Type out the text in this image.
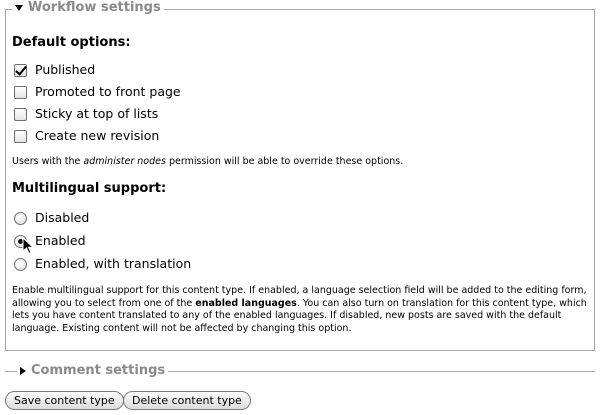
Workflow settings
Default options:
Published
Promoted to front page
Sticky at top of lists
Create new revision
Users with the administer nodes permission will be able to override these options.
Multilingual support:
Disabled
Enabled
Enabled, with translation
Enable multilingual support for this content type. If enabled, a language selection field will be added to the editing form, allowing you to select from one of the enabled languages. You can also turn on translation for this content type, which lets you have content translated to any of the enabled languages. If disabled, new posts are saved with the default language. Existing content will not be affected by changing this option.
Comment settings
Save content type	Delete content type
